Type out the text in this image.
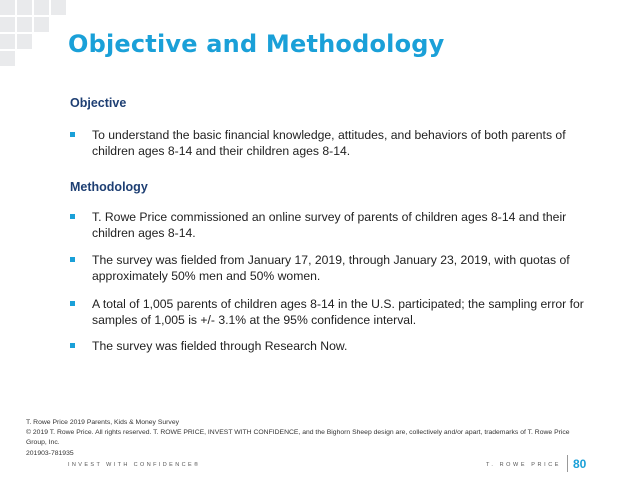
Objective and Methodology
Objective
To understand the basic financial knowledge, attitudes, and behaviors of both parents of children ages 8-14 and their children ages 8-14.
Methodology
T. Rowe Price commissioned an online survey of parents of children ages 8-14 and their children ages 8-14.
The survey was fielded from January 17, 2019, through January 23, 2019, with quotas of approximately 50% men and 50% women.
A total of 1,005 parents of children ages 8-14 in the U.S. participated; the sampling error for samples of 1,005 is +/- 3.1% at the 95% confidence interval.
The survey was fielded through Research Now.
T. Rowe Price 2019 Parents, Kids & Money Survey
© 2019 T. Rowe Price. All rights reserved. T. ROWE PRICE, INVEST WITH CONFIDENCE, and the Bighorn Sheep design are, collectively and/or apart, trademarks of T. Rowe Price Group, Inc.
201903-781935
INVEST WITH CONFIDENCE®	T. ROWE PRICE 80
